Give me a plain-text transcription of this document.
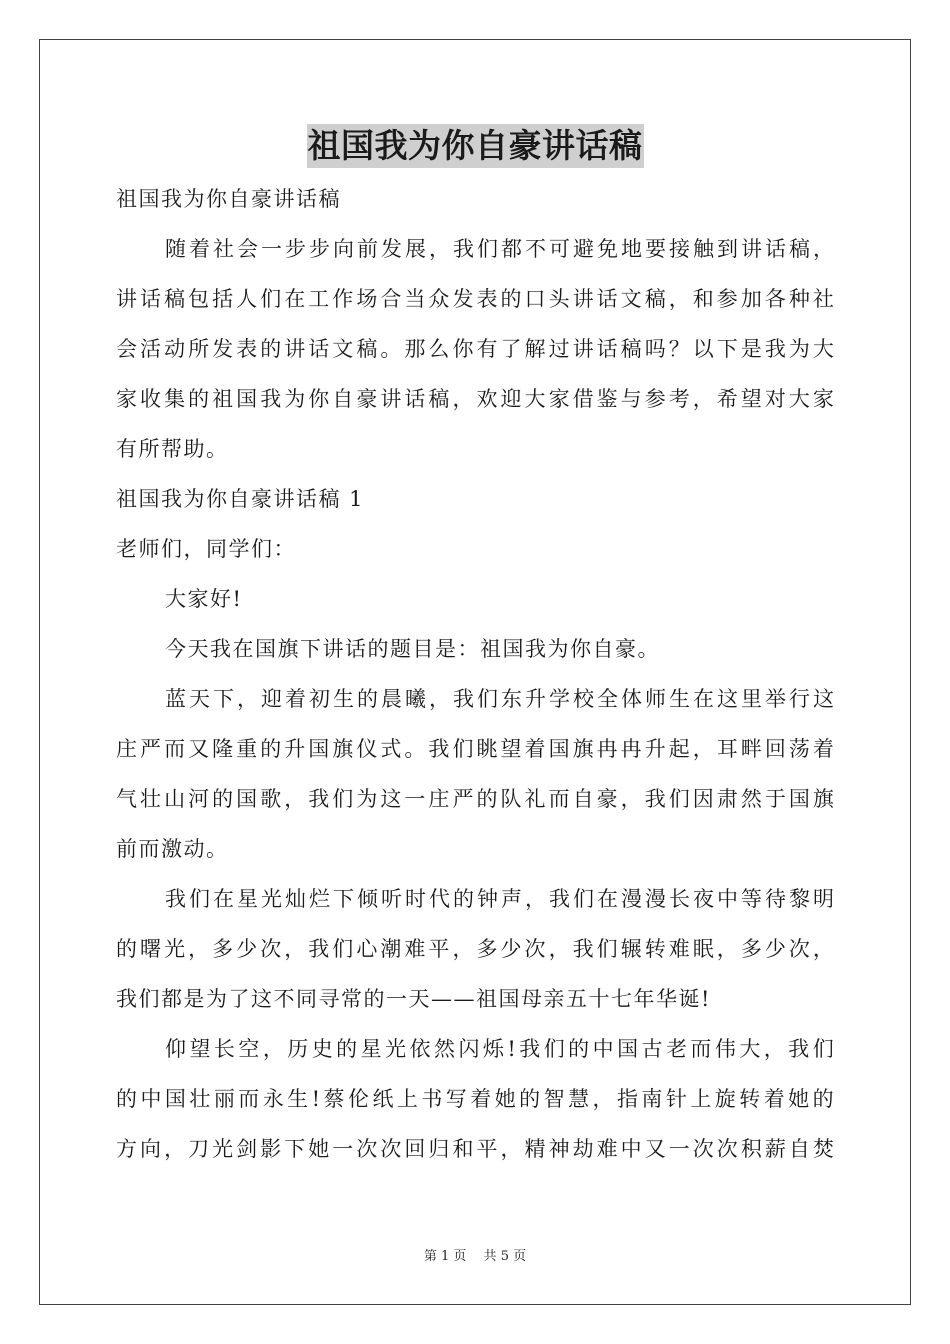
祖国我为你自豪讲话稿
祖国我为你自豪讲话稿
随 着 社 会 一 步 步 向 前 发 展 ， 我 们 都 不 可 避 免 地 要 接 触 到 讲 话 稿 ，
讲 话 稿 包 括 人 们 在 工 作 场 合 当 众 发 表 的 口 头 讲 话 文 稿 ， 和 参 加 各 种 社
会 活 动 所 发 表 的 讲 话 文 稿 。 那 么 你 有 了 解 过 讲 话 稿 吗 ？ 以 下 是 我 为 大
家 收 集 的 祖 国 我 为 你 自 豪 讲 话 稿 ， 欢 迎 大 家 借 鉴 与 参 考 ， 希 望 对 大 家
有所帮助。
祖国我为你自豪讲话稿 1
老师们，同学们：
大家好!
今天我在国旗下讲话的题目是：祖国我为你自豪。
蓝 天 下 ， 迎 着 初 生 的 晨 曦 ， 我 们 东 升 学 校 全 体 师 生 在 这 里 举 行 这
庄 严 而 又 隆 重 的 升 国 旗 仪 式 。 我 们 眺 望 着 国 旗 冉 冉 升 起 ， 耳 畔 回 荡 着
气 壮 山 河 的 国 歌 ， 我 们 为 这 一 庄 严 的 队 礼 而 自 豪 ， 我 们 因 肃 然 于 国 旗
前而激动。
我 们 在 星 光 灿 烂 下 倾 听 时 代 的 钟 声 ， 我 们 在 漫 漫 长 夜 中 等 待 黎 明
的 曙 光 ， 多 少 次 ， 我 们 心 潮 难 平 ， 多 少 次 ， 我 们 辗 转 难 眠 ， 多 少 次 ，
我们都是为了这不同寻常的一天——祖国母亲五十七年华诞!
仰 望 长 空 ， 历 史 的 星 光 依 然 闪 烁 ! 我 们 的 中 国 古 老 而 伟 大 ， 我 们
的 中 国 壮 丽 而 永 生 ! 蔡 伦 纸 上 书 写 着 她 的 智 慧 ， 指 南 针 上 旋 转 着 她 的
方 向 ， 刀 光 剑 影 下 她 一 次 次 回 归 和 平 ， 精 神 劫 难 中 又 一 次 次 积 薪 自 焚
第 1 页　 共 5 页
